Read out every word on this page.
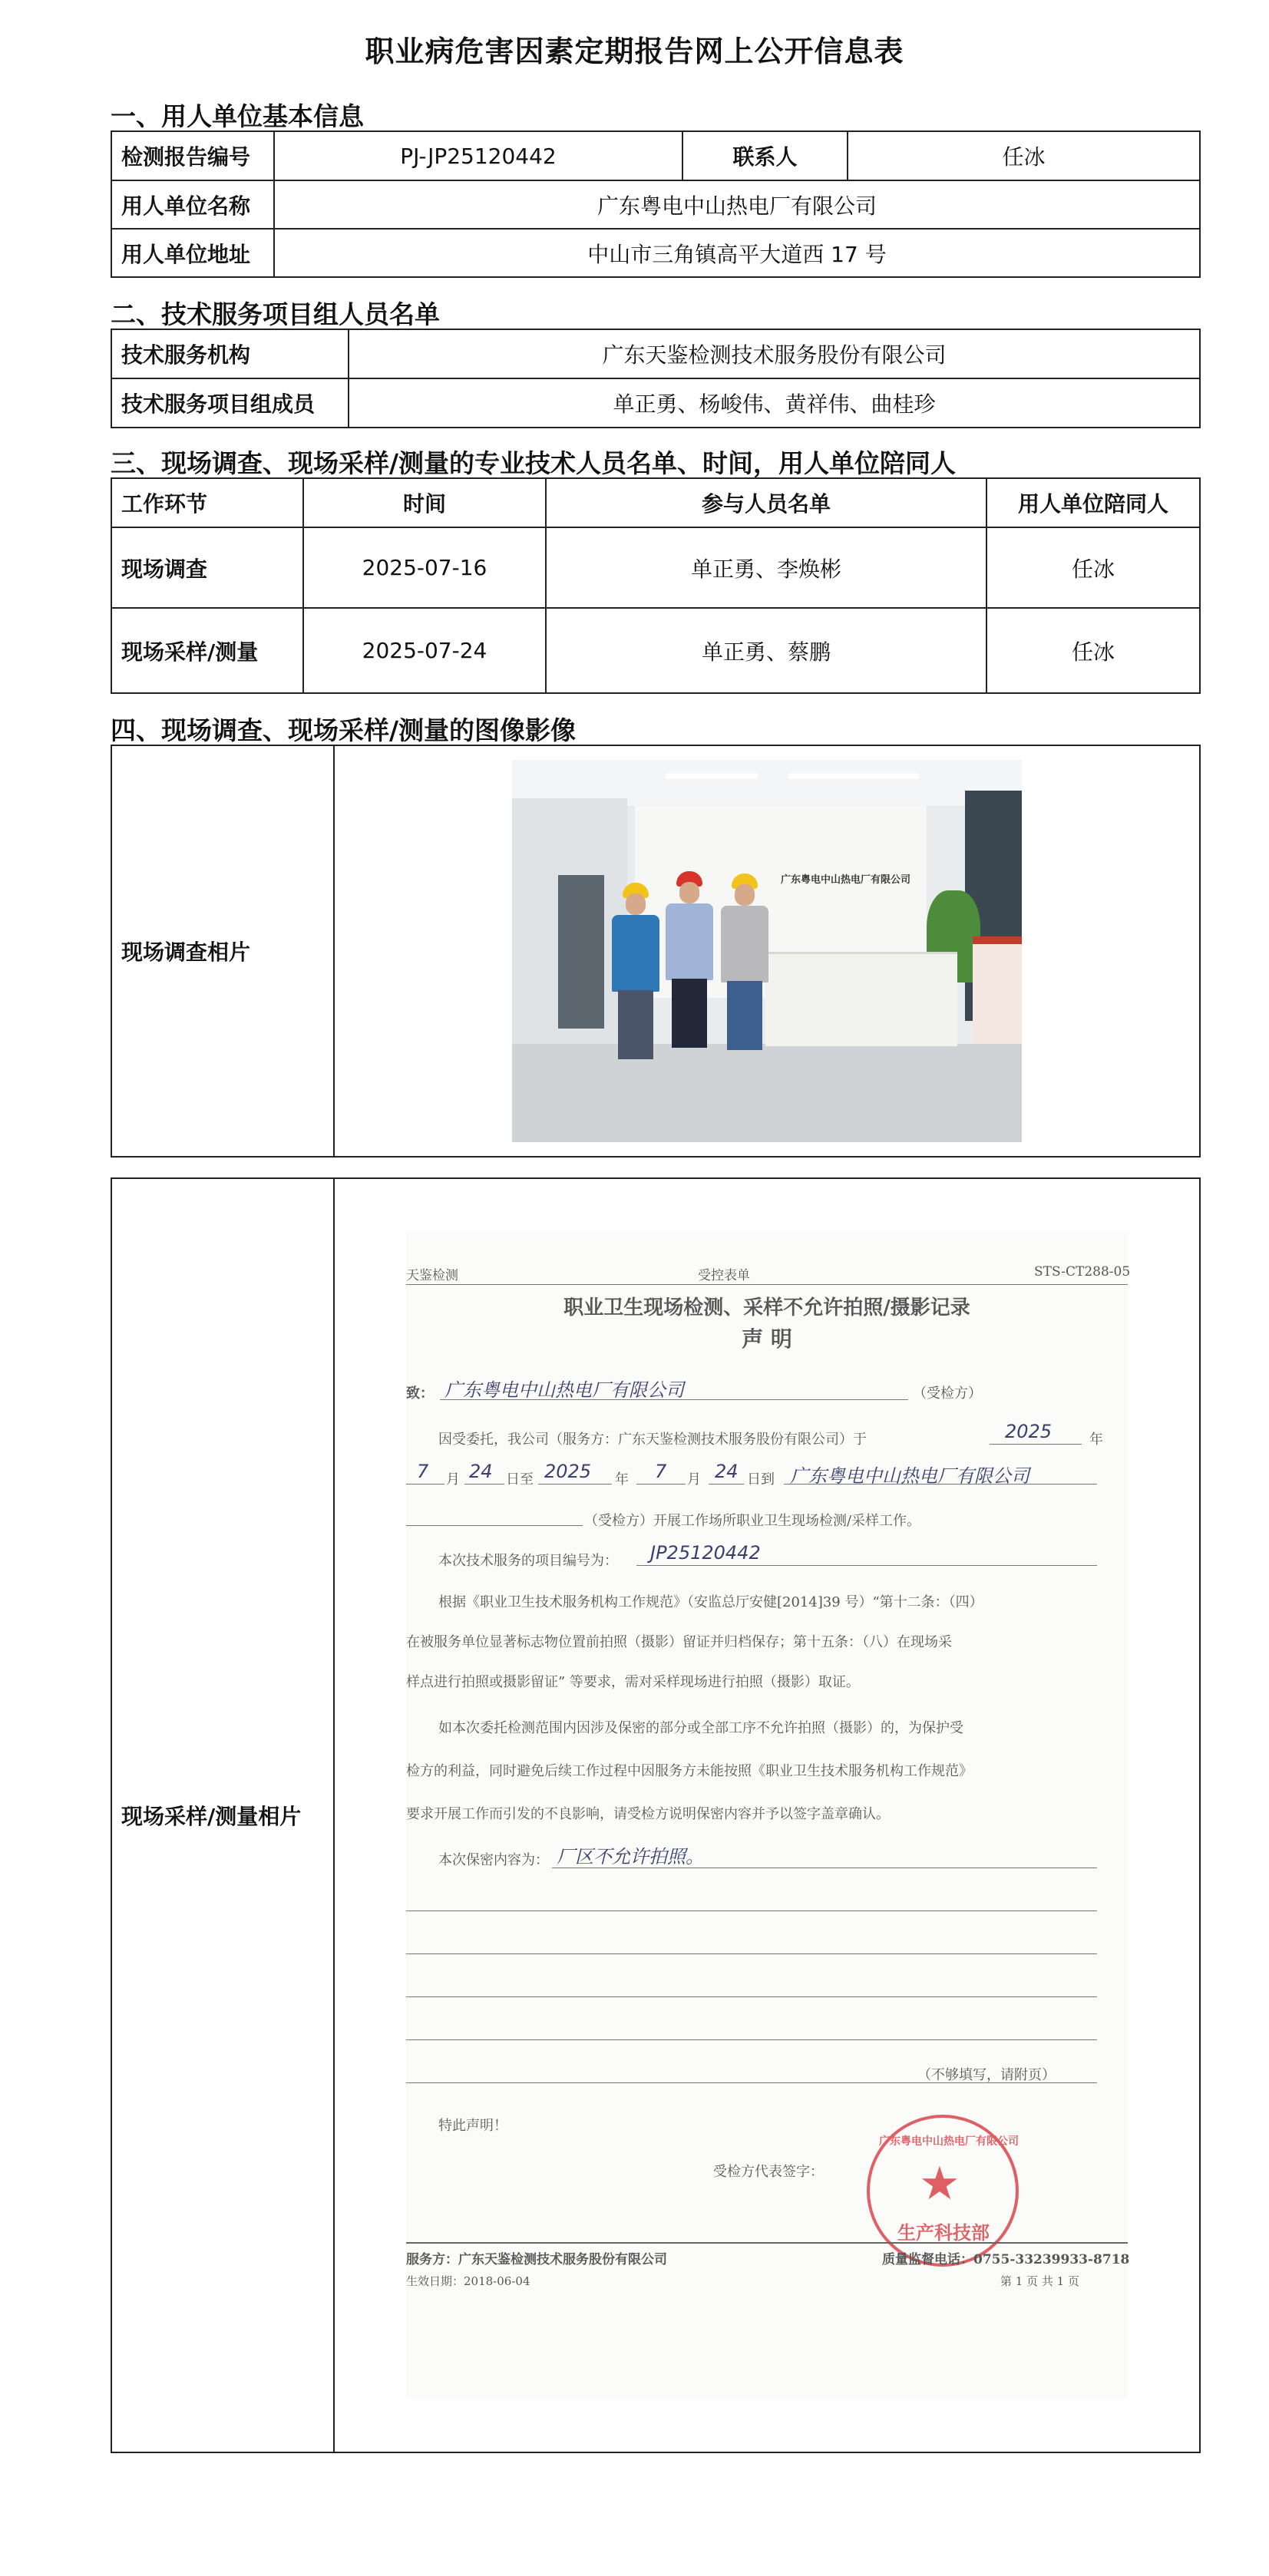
职业病危害因素定期报告网上公开信息表
一、用人单位基本信息
检测报告编号	PJ-JP25120442	联系人	任冰
用人单位名称	广东粤电中山热电厂有限公司		
用人单位地址	中山市三角镇高平大道西 17 号		
二、技术服务项目组人员名单
技术服务机构	广东天鉴检测技术服务股份有限公司
技术服务项目组成员	单正勇、杨峻伟、黄祥伟、曲桂珍
三、现场调查、现场采样/测量的专业技术人员名单、时间，用人单位陪同人
工作环节	时间	参与人员名单	用人单位陪同人
现场调查	2025-07-16	单正勇、李焕彬	任冰
现场采样/测量	2025-07-24	单正勇、蔡鹏	任冰
四、现场调查、现场采样/测量的图像影像
现场调查相片	
广东粤电中山热电厂有限公司
现场采样/测量相片	
天鉴检测	受控表单	STS-CT288-05
职业卫生现场检测、采样不允许拍照/摄影记录
声 明
致： 广东粤电中山热电厂有限公司	（受检方）
因受委托，我公司（服务方：广东天鉴检测技术服务股份有限公司）于	2025	年
7 月 24 日至 2025 年 7 月 24 日到 广东粤电中山热电厂有限公司
（受检方）开展工作场所职业卫生现场检测/采样工作。
本次技术服务的项目编号为： JP25120442
根据《职业卫生技术服务机构工作规范》（安监总厅安健[2014]39 号）“第十二条：（四）
在被服务单位显著标志物位置前拍照（摄影）留证并归档保存；第十五条：（八）在现场采
样点进行拍照或摄影留证” 等要求，需对采样现场进行拍照（摄影）取证。
如本次委托检测范围内因涉及保密的部分或全部工序不允许拍照（摄影）的，为保护受
检方的利益，同时避免后续工作过程中因服务方未能按照《职业卫生技术服务机构工作规范》
要求开展工作而引发的不良影响，请受检方说明保密内容并予以签字盖章确认。
本次保密内容为： 厂区不允许拍照。
（不够填写，请附页）
特此声明！
受检方代表签字：
广东粤电中山热电厂有限公司
★
生产科技部
服务方：广东天鉴检测技术服务股份有限公司	质量监督电话：0755-33239933-8718
生效日期：2018-06-04	第 1 页 共 1 页
